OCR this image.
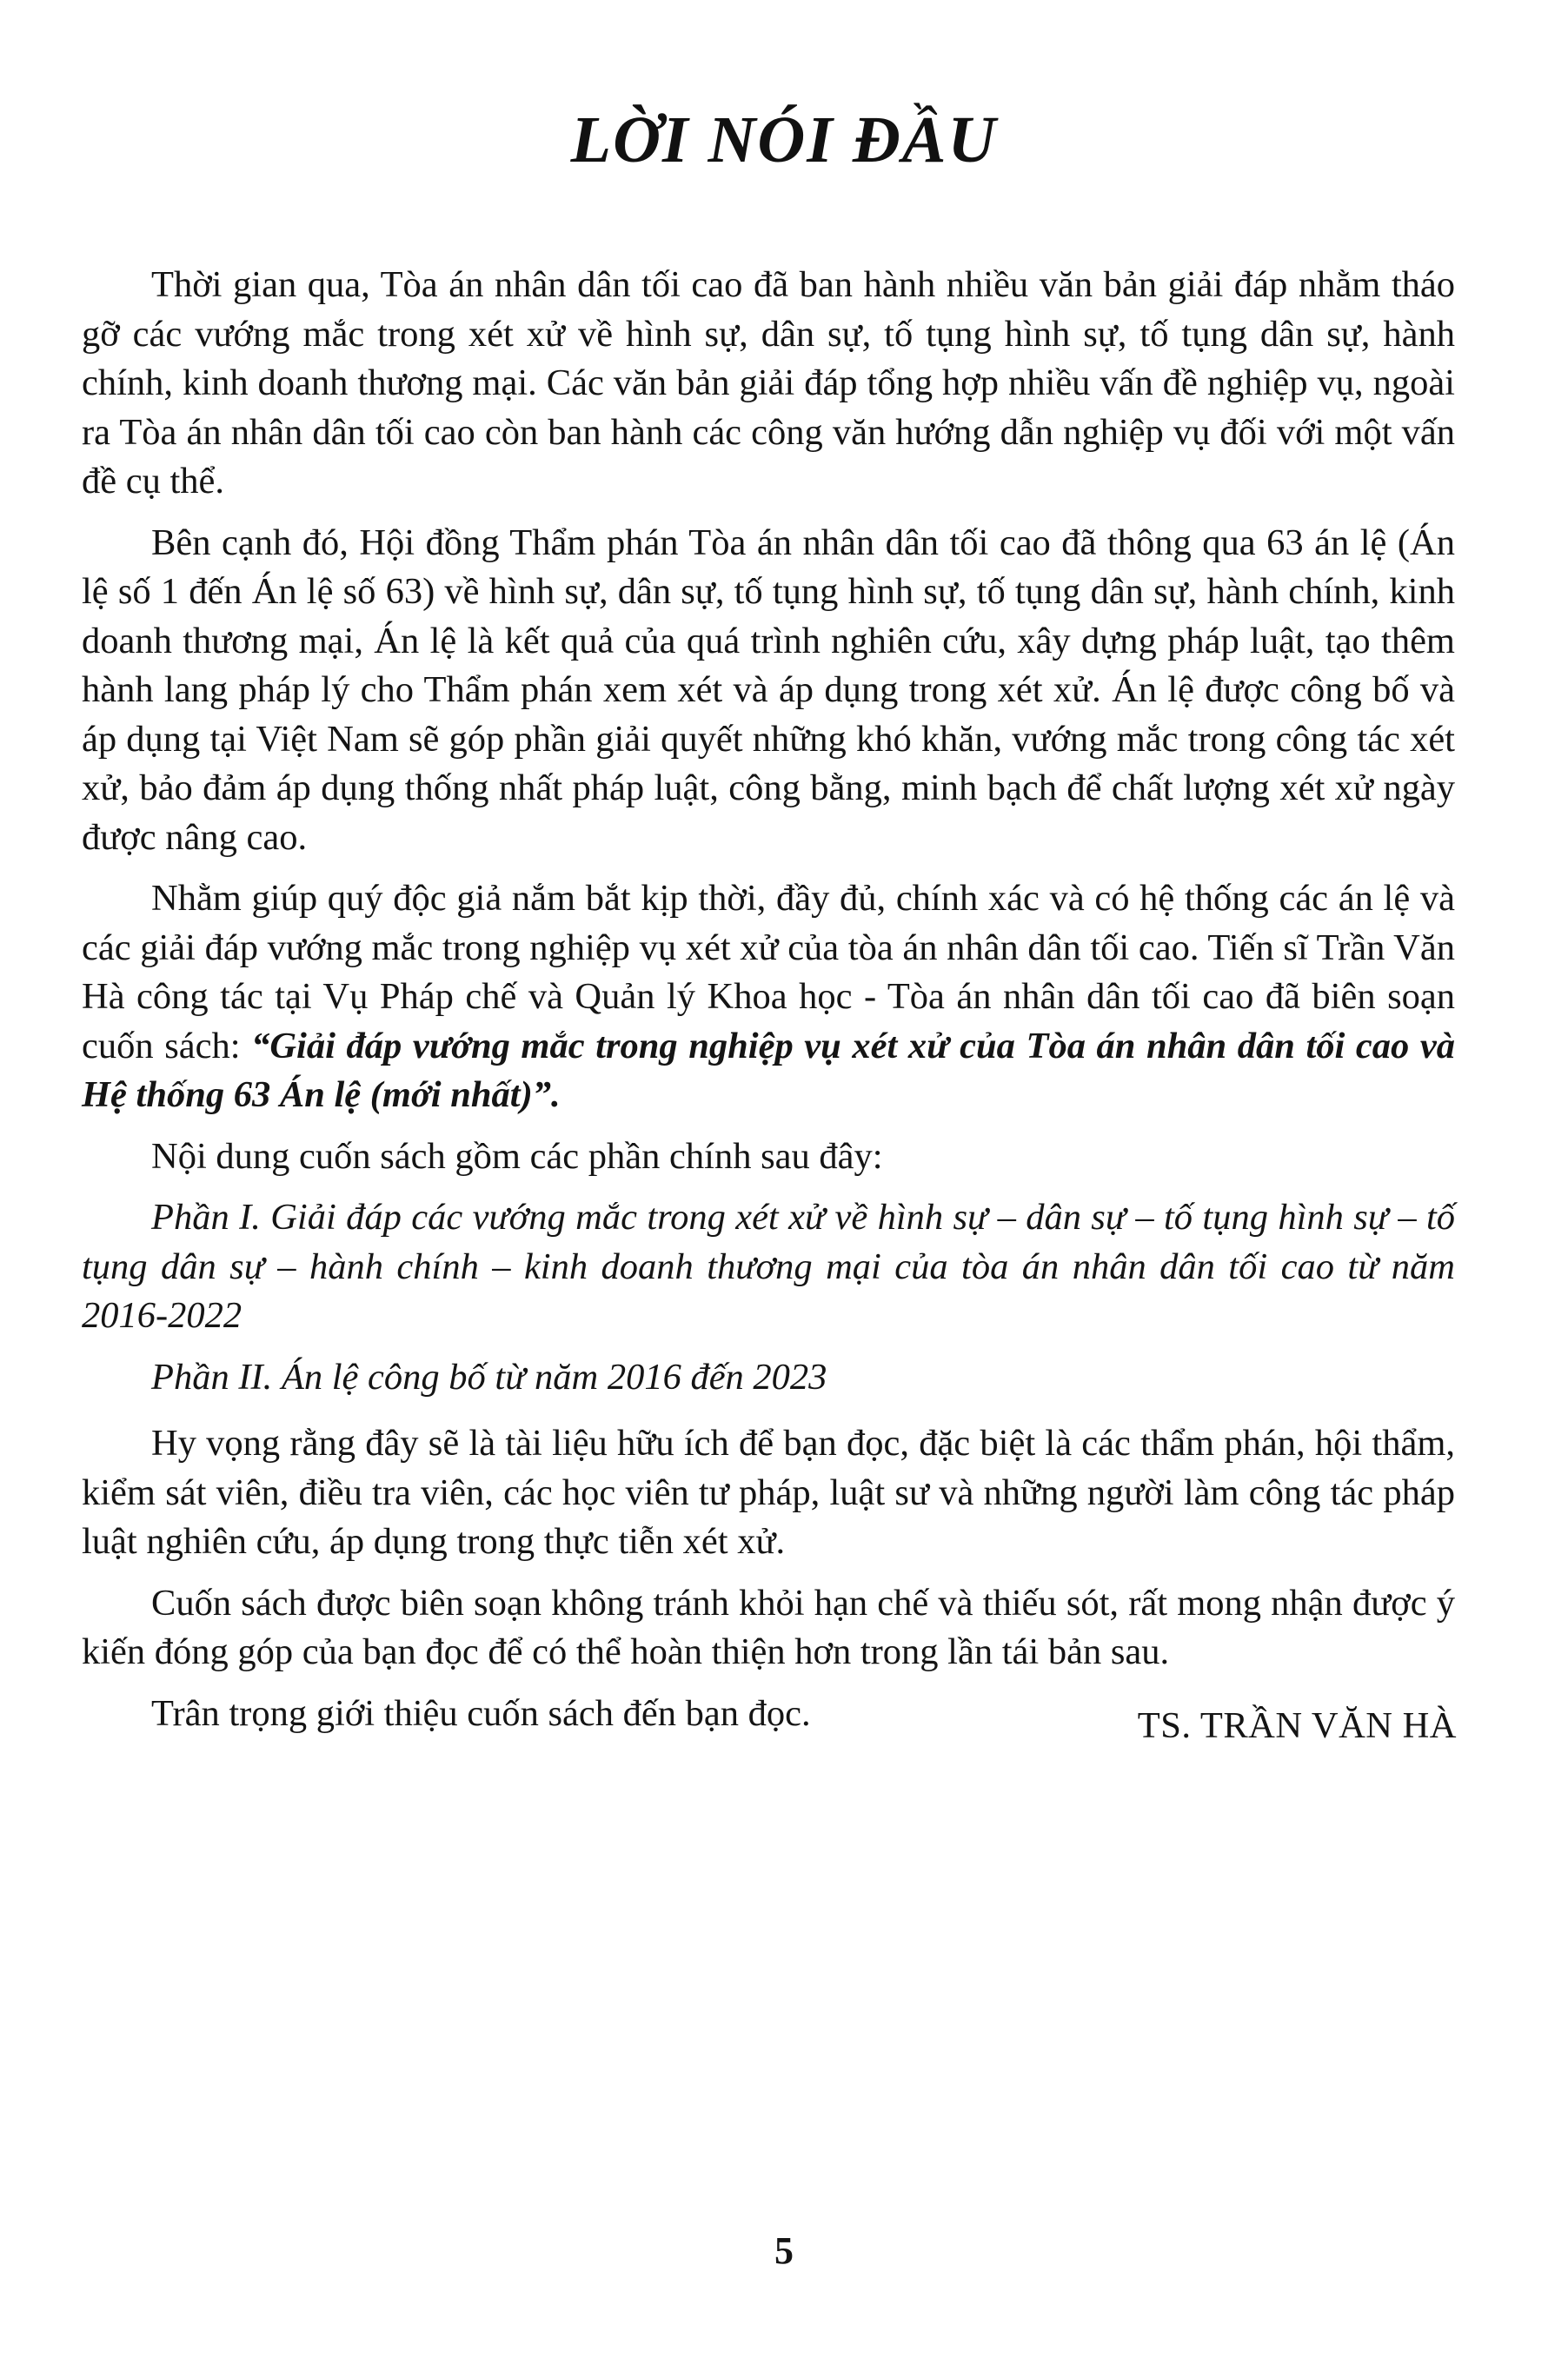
LỜI NÓI ĐẦU

Thời gian qua, Tòa án nhân dân tối cao đã ban hành nhiều văn bản giải đáp nhằm tháo gỡ các vướng mắc trong xét xử về hình sự, dân sự, tố tụng hình sự, tố tụng dân sự, hành chính, kinh doanh thương mại. Các văn bản giải đáp tổng hợp nhiều vấn đề nghiệp vụ, ngoài ra Tòa án nhân dân tối cao còn ban hành các công văn hướng dẫn nghiệp vụ đối với một vấn đề cụ thể.

Bên cạnh đó, Hội đồng Thẩm phán Tòa án nhân dân tối cao đã thông qua 63 án lệ (Án lệ số 1 đến Án lệ số 63) về hình sự, dân sự, tố tụng hình sự, tố tụng dân sự, hành chính, kinh doanh thương mại, Án lệ là kết quả của quá trình nghiên cứu, xây dựng pháp luật, tạo thêm hành lang pháp lý cho Thẩm phán xem xét và áp dụng trong xét xử. Án lệ được công bố và áp dụng tại Việt Nam sẽ góp phần giải quyết những khó khăn, vướng mắc trong công tác xét xử, bảo đảm áp dụng thống nhất pháp luật, công bằng, minh bạch để chất lượng xét xử ngày được nâng cao.

Nhằm giúp quý độc giả nắm bắt kịp thời, đầy đủ, chính xác và có hệ thống các án lệ và các giải đáp vướng mắc trong nghiệp vụ xét xử của tòa án nhân dân tối cao. Tiến sĩ Trần Văn Hà công tác tại Vụ Pháp chế và Quản lý Khoa học - Tòa án nhân dân tối cao đã biên soạn cuốn sách: “Giải đáp vướng mắc trong nghiệp vụ xét xử của Tòa án nhân dân tối cao và Hệ thống 63 Án lệ (mới nhất)”.

Nội dung cuốn sách gồm các phần chính sau đây:

Phần I. Giải đáp các vướng mắc trong xét xử về hình sự – dân sự – tố tụng hình sự – tố tụng dân sự – hành chính – kinh doanh thương mại của tòa án nhân dân tối cao từ năm 2016-2022

Phần II. Án lệ công bố từ năm 2016 đến 2023

Hy vọng rằng đây sẽ là tài liệu hữu ích để bạn đọc, đặc biệt là các thẩm phán, hội thẩm, kiểm sát viên, điều tra viên, các học viên tư pháp, luật sư và những người làm công tác pháp luật nghiên cứu, áp dụng trong thực tiễn xét xử.

Cuốn sách được biên soạn không tránh khỏi hạn chế và thiếu sót, rất mong nhận được ý kiến đóng góp của bạn đọc để có thể hoàn thiện hơn trong lần tái bản sau.

Trân trọng giới thiệu cuốn sách đến bạn đọc.	TS. TRẦN VĂN HÀ

5
